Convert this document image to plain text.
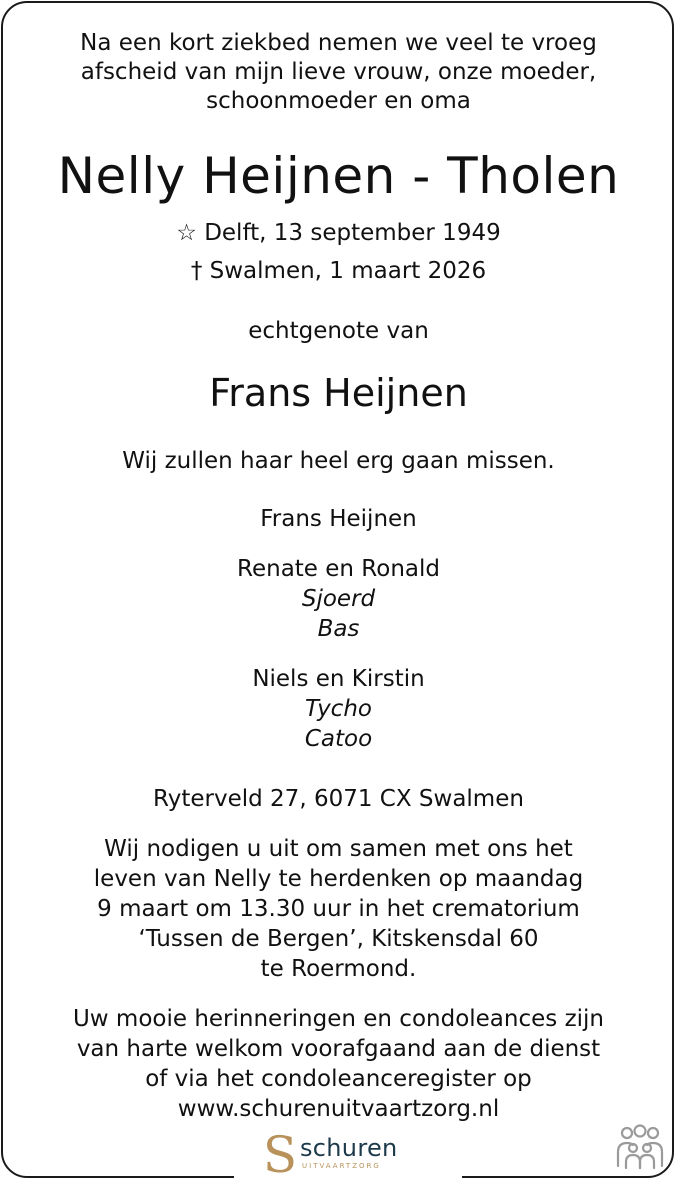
Na een kort ziekbed nemen we veel te vroeg
afscheid van mijn lieve vrouw, onze moeder,
schoonmoeder en oma
Nelly Heijnen - Tholen
☆ Delft, 13 september 1949
† Swalmen, 1 maart 2026
echtgenote van
Frans Heijnen
Wij zullen haar heel erg gaan missen.
Frans Heijnen
Renate en Ronald
Sjoerd
Bas
Niels en Kirstin
Tycho
Catoo
Ryterveld 27, 6071 CX Swalmen
Wij nodigen u uit om samen met ons het
leven van Nelly te herdenken op maandag
9 maart om 13.30 uur in het crematorium
‘Tussen de Bergen’, Kitskensdal 60
te Roermond.
Uw mooie herinneringen en condoleances zijn
van harte welkom voorafgaand aan de dienst
of via het condoleanceregister op
www.schurenuitvaartzorg.nl
S schuren
UITVAARTZORG
